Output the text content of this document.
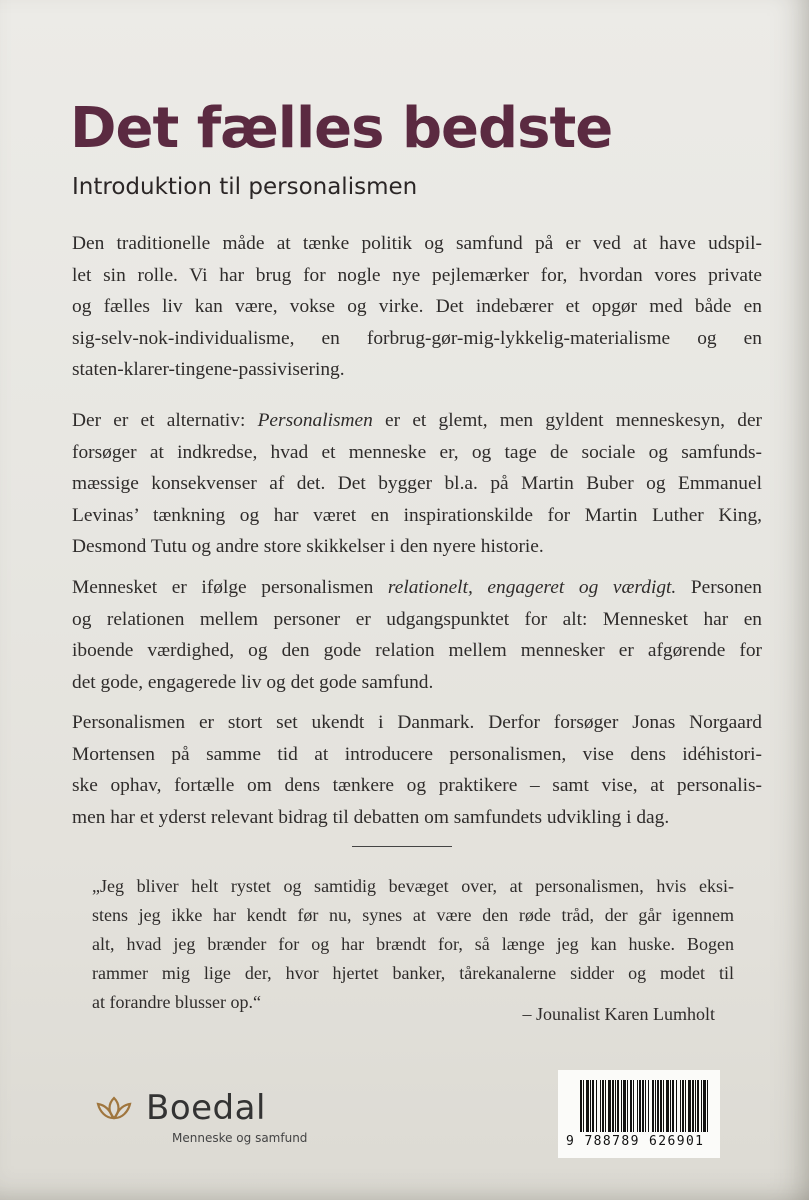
Det fælles bedste
Introduktion til personalismen
Den traditionelle måde at tænke politik og samfund på er ved at have udspil-
let sin rolle. Vi har brug for nogle nye pejlemærker for, hvordan vores private
og fælles liv kan være, vokse og virke. Det indebærer et opgør med både en
sig-selv-nok-individualisme, en forbrug-gør-mig-lykkelig-materialisme og en
staten-klarer-tingene-passivisering.
Der er et alternativ: Personalismen er et glemt, men gyldent menneskesyn, der
forsøger at indkredse, hvad et menneske er, og tage de sociale og samfunds-
mæssige konsekvenser af det. Det bygger bl.a. på Martin Buber og Emmanuel
Levinas’ tænkning og har været en inspirationskilde for Martin Luther King,
Desmond Tutu og andre store skikkelser i den nyere historie.
Mennesket er ifølge personalismen relationelt, engageret og værdigt. Personen
og relationen mellem personer er udgangspunktet for alt: Mennesket har en
iboende værdighed, og den gode relation mellem mennesker er afgørende for
det gode, engagerede liv og det gode samfund.
Personalismen er stort set ukendt i Danmark. Derfor forsøger Jonas Norgaard
Mortensen på samme tid at introducere personalismen, vise dens idéhistori-
ske ophav, fortælle om dens tænkere og praktikere – samt vise, at personalis-
men har et yderst relevant bidrag til debatten om samfundets udvikling i dag.
„Jeg bliver helt rystet og samtidig bevæget over, at personalismen, hvis eksi-
stens jeg ikke har kendt før nu, synes at være den røde tråd, der går igennem
alt, hvad jeg brænder for og har brændt for, så længe jeg kan huske. Bogen
rammer mig lige der, hvor hjertet banker, tårekanalerne sidder og modet til
at forandre blusser op.“
– Jounalist Karen Lumholt
Boedal
Menneske og samfund	9 788789 626901
